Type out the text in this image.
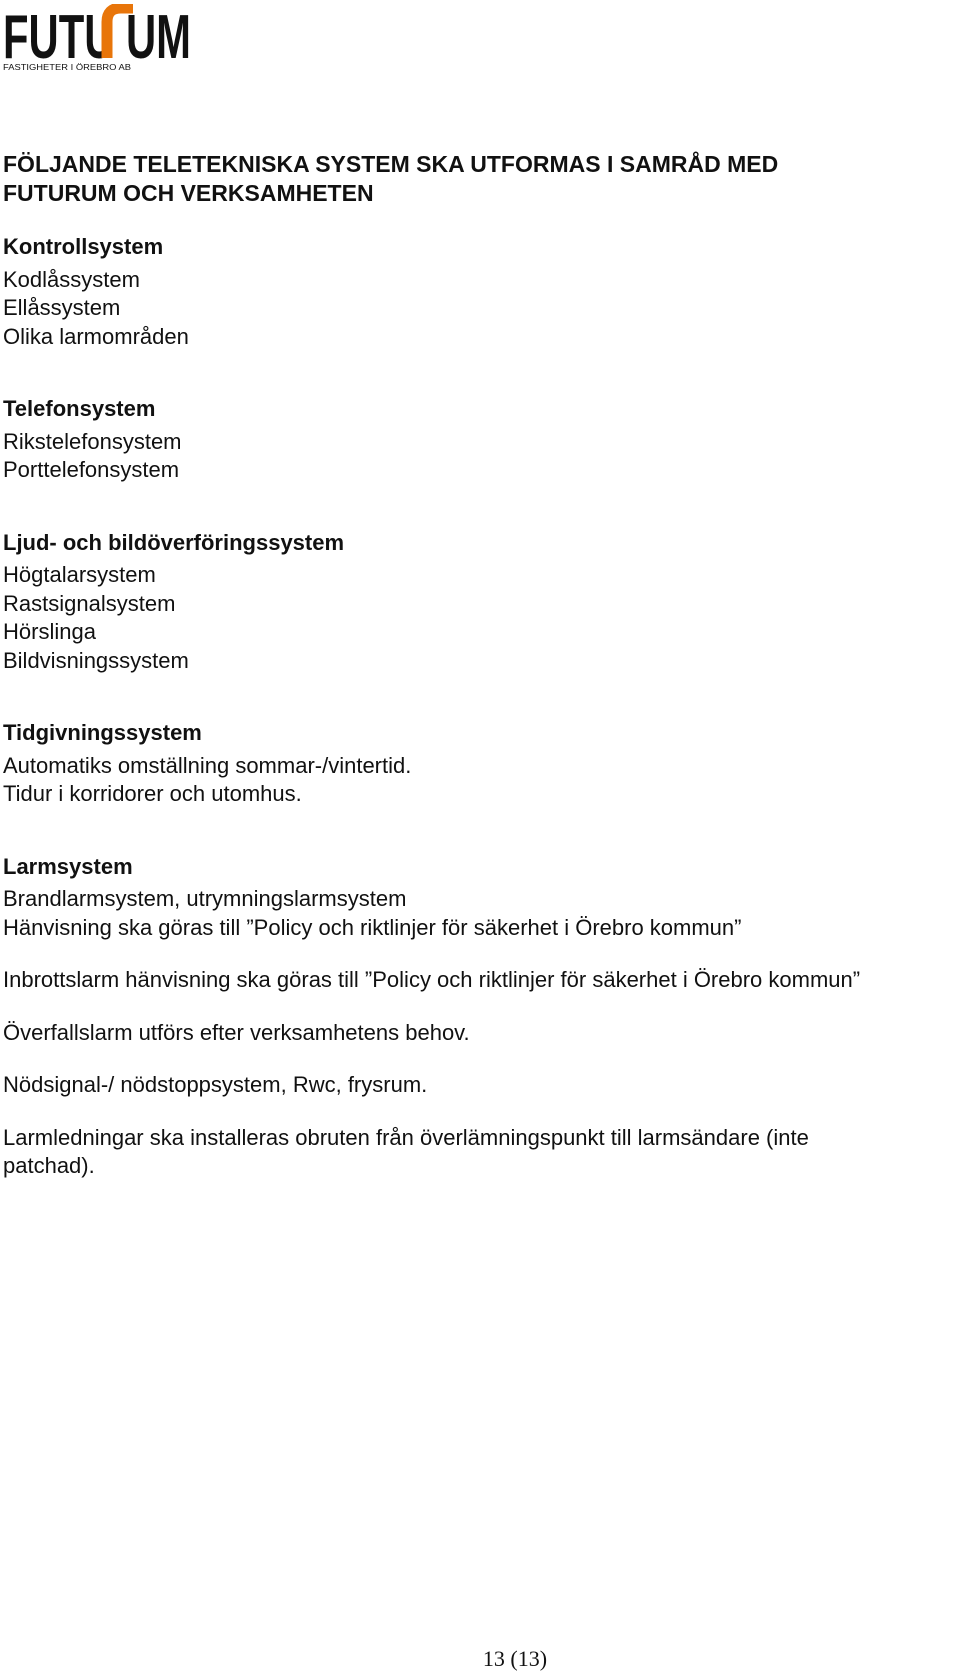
FUTU UM
FASTIGHETER I ÖREBRO AB
FÖLJANDE TELETEKNISKA SYSTEM SKA UTFORMAS I SAMRÅD MED
FUTURUM OCH VERKSAMHETEN

Kontrollsystem

Kodlåssystem

Ellåssystem

Olika larmområden

Telefonsystem

Rikstelefonsystem

Porttelefonsystem

Ljud- och bildöverföringssystem

Högtalarsystem

Rastsignalsystem

Hörslinga

Bildvisningssystem

Tidgivningssystem

Automatiks omställning sommar-/vintertid.

Tidur i korridorer och utomhus.

Larmsystem

Brandlarmsystem, utrymningslarmsystem

Hänvisning ska göras till ”Policy och riktlinjer för säkerhet i Örebro kommun”

Inbrottslarm hänvisning ska göras till ”Policy och riktlinjer för säkerhet i Örebro kommun”

Överfallslarm utförs efter verksamhetens behov.

Nödsignal-/ nödstoppsystem, Rwc, frysrum.

Larmledningar ska installeras obruten från överlämningspunkt till larmsändare (inte patchad).

13 (13)
